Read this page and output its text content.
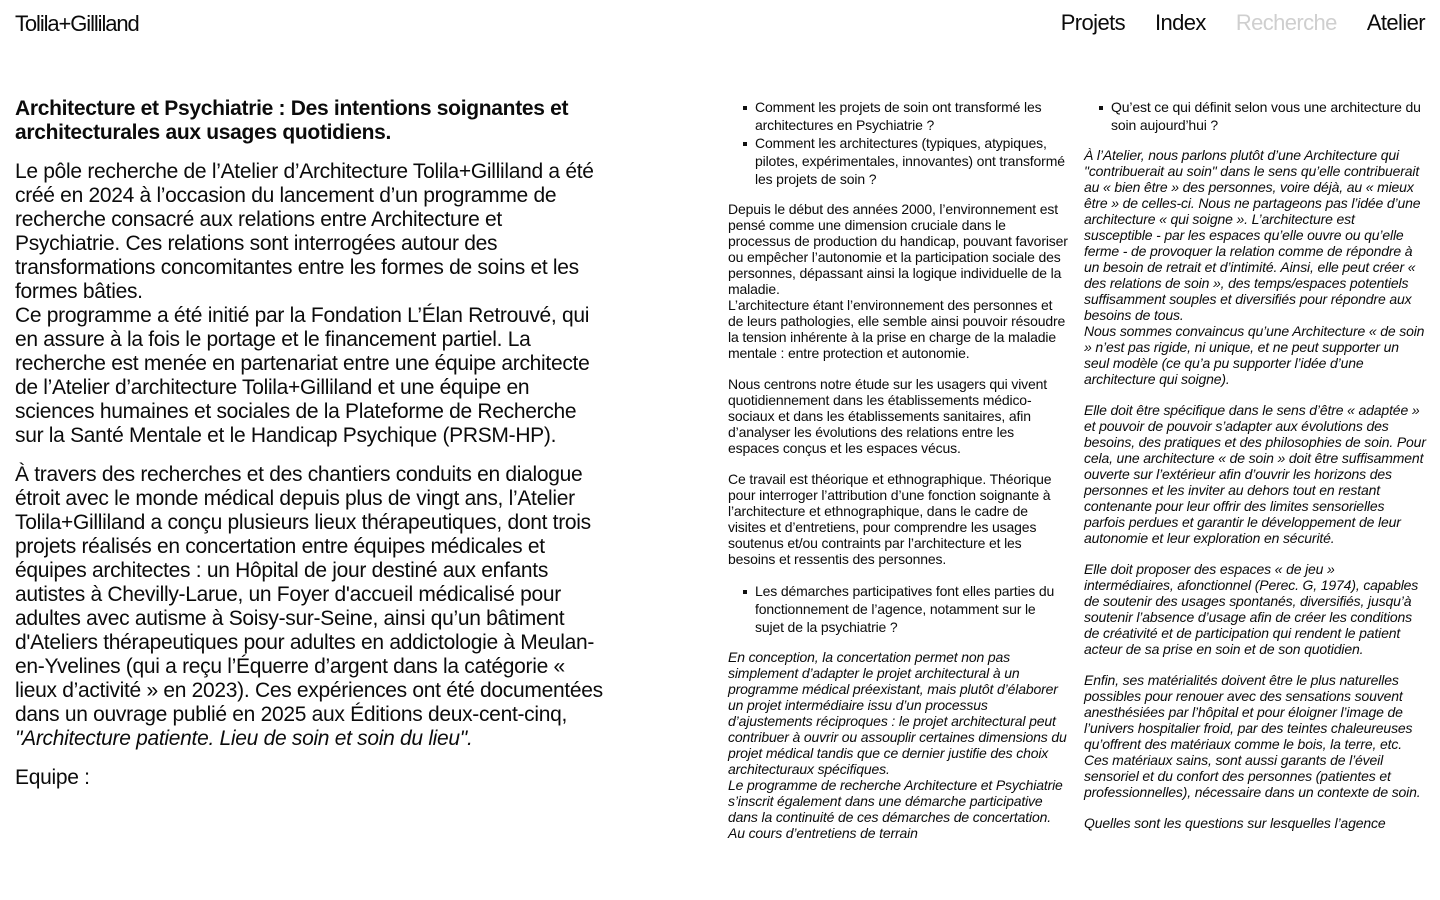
Tolila+Gilliland	Projets Index Recherche Atelier

Architecture et Psychiatrie : Des intentions soignantes et architecturales aux usages quotidiens.

Le pôle recherche de l’Atelier d’Architecture Tolila+Gilliland a été créé en 2024 à l’occasion du lancement d’un programme de recherche consacré aux relations entre Architecture et Psychiatrie. Ces relations sont interrogées autour des transformations concomitantes entre les formes de soins et les formes bâties.
Ce programme a été initié par la Fondation L’Élan Retrouvé, qui en assure à la fois le portage et le financement partiel. La recherche est menée en partenariat entre une équipe architecte de l’Atelier d’architecture Tolila+Gilliland et une équipe en sciences humaines et sociales de la Plateforme de Recherche sur la Santé Mentale et le Handicap Psychique (PRSM-HP).

À travers des recherches et des chantiers conduits en dialogue étroit avec le monde médical depuis plus de vingt ans, l’Atelier Tolila+Gilliland a conçu plusieurs lieux thérapeutiques, dont trois projets réalisés en concertation entre équipes médicales et équipes architectes : un Hôpital de jour destiné aux enfants autistes à Chevilly-Larue, un Foyer d'accueil médicalisé pour adultes avec autisme à Soisy-sur-Seine, ainsi qu’un bâtiment d'Ateliers thérapeutiques pour adultes en addictologie à Meulan-en-Yvelines (qui a reçu l’Équerre d’argent dans la catégorie « lieux d’activité » en 2023). Ces expériences ont été documentées dans un ouvrage publié en 2025 aux Éditions deux-cent-cinq, "Architecture patiente. Lieu de soin et soin du lieu".

Equipe :

Comment les projets de soin ont transformé les architectures en Psychiatrie ?
Comment les architectures (typiques, atypiques, pilotes, expérimentales, innovantes) ont transformé les projets de soin ?

Depuis le début des années 2000, l’environnement est pensé comme une dimension cruciale dans le processus de production du handicap, pouvant favoriser ou empêcher l’autonomie et la participation sociale des personnes, dépassant ainsi la logique individuelle de la maladie.
L’architecture étant l’environnement des personnes et de leurs pathologies, elle semble ainsi pouvoir résoudre la tension inhérente à la prise en charge de la maladie mentale : entre protection et autonomie.

Nous centrons notre étude sur les usagers qui vivent quotidiennement dans les établissements médico-sociaux et dans les établissements sanitaires, afin d’analyser les évolutions des relations entre les espaces conçus et les espaces vécus.

Ce travail est théorique et ethnographique. Théorique pour interroger l’attribution d’une fonction soignante à l’architecture et ethnographique, dans le cadre de visites et d’entretiens, pour comprendre les usages soutenus et/ou contraints par l’architecture et les besoins et ressentis des personnes.

Les démarches participatives font elles parties du fonctionnement de l’agence, notamment sur le sujet de la psychiatrie ?

En conception, la concertation permet non pas simplement d’adapter le projet architectural à un programme médical préexistant, mais plutôt d’élaborer un projet intermédiaire issu d’un processus d’ajustements réciproques : le projet architectural peut contribuer à ouvrir ou assouplir certaines dimensions du projet médical tandis que ce dernier justifie des choix architecturaux spécifiques.
Le programme de recherche Architecture et Psychiatrie s’inscrit également dans une démarche participative dans la continuité de ces démarches de concertation. Au cours d’entretiens de terrain

Qu’est ce qui définit selon vous une architecture du soin aujourd’hui ?

À l’Atelier, nous parlons plutôt d’une Architecture qui "contribuerait au soin" dans le sens qu’elle contribuerait au « bien être » des personnes, voire déjà, au « mieux être » de celles-ci. Nous ne partageons pas l’idée d’une architecture « qui soigne ». L’architecture est susceptible - par les espaces qu’elle ouvre ou qu’elle ferme - de provoquer la relation comme de répondre à un besoin de retrait et d’intimité. Ainsi, elle peut créer « des relations de soin », des temps/espaces potentiels suffisamment souples et diversifiés pour répondre aux besoins de tous.
Nous sommes convaincus qu’une Architecture « de soin » n’est pas rigide, ni unique, et ne peut supporter un seul modèle (ce qu’a pu supporter l’idée d’une architecture qui soigne).

Elle doit être spécifique dans le sens d’être « adaptée » et pouvoir de pouvoir s’adapter aux évolutions des besoins, des pratiques et des philosophies de soin. Pour cela, une architecture « de soin » doit être suffisamment ouverte sur l’extérieur afin d’ouvrir les horizons des personnes et les inviter au dehors tout en restant contenante pour leur offrir des limites sensorielles parfois perdues et garantir le développement de leur autonomie et leur exploration en sécurité.

Elle doit proposer des espaces « de jeu » intermédiaires, afonctionnel (Perec. G, 1974), capables de soutenir des usages spontanés, diversifiés, jusqu’à soutenir l’absence d’usage afin de créer les conditions de créativité et de participation qui rendent le patient acteur de sa prise en soin et de son quotidien.

Enfin, ses matérialités doivent être le plus naturelles possibles pour renouer avec des sensations souvent anesthésiées par l’hôpital et pour éloigner l’image de l’univers hospitalier froid, par des teintes chaleureuses qu’offrent des matériaux comme le bois, la terre, etc. Ces matériaux sains, sont aussi garants de l’éveil sensoriel et du confort des personnes (patientes et professionnelles), nécessaire dans un contexte de soin.

Quelles sont les questions sur lesquelles l’agence
